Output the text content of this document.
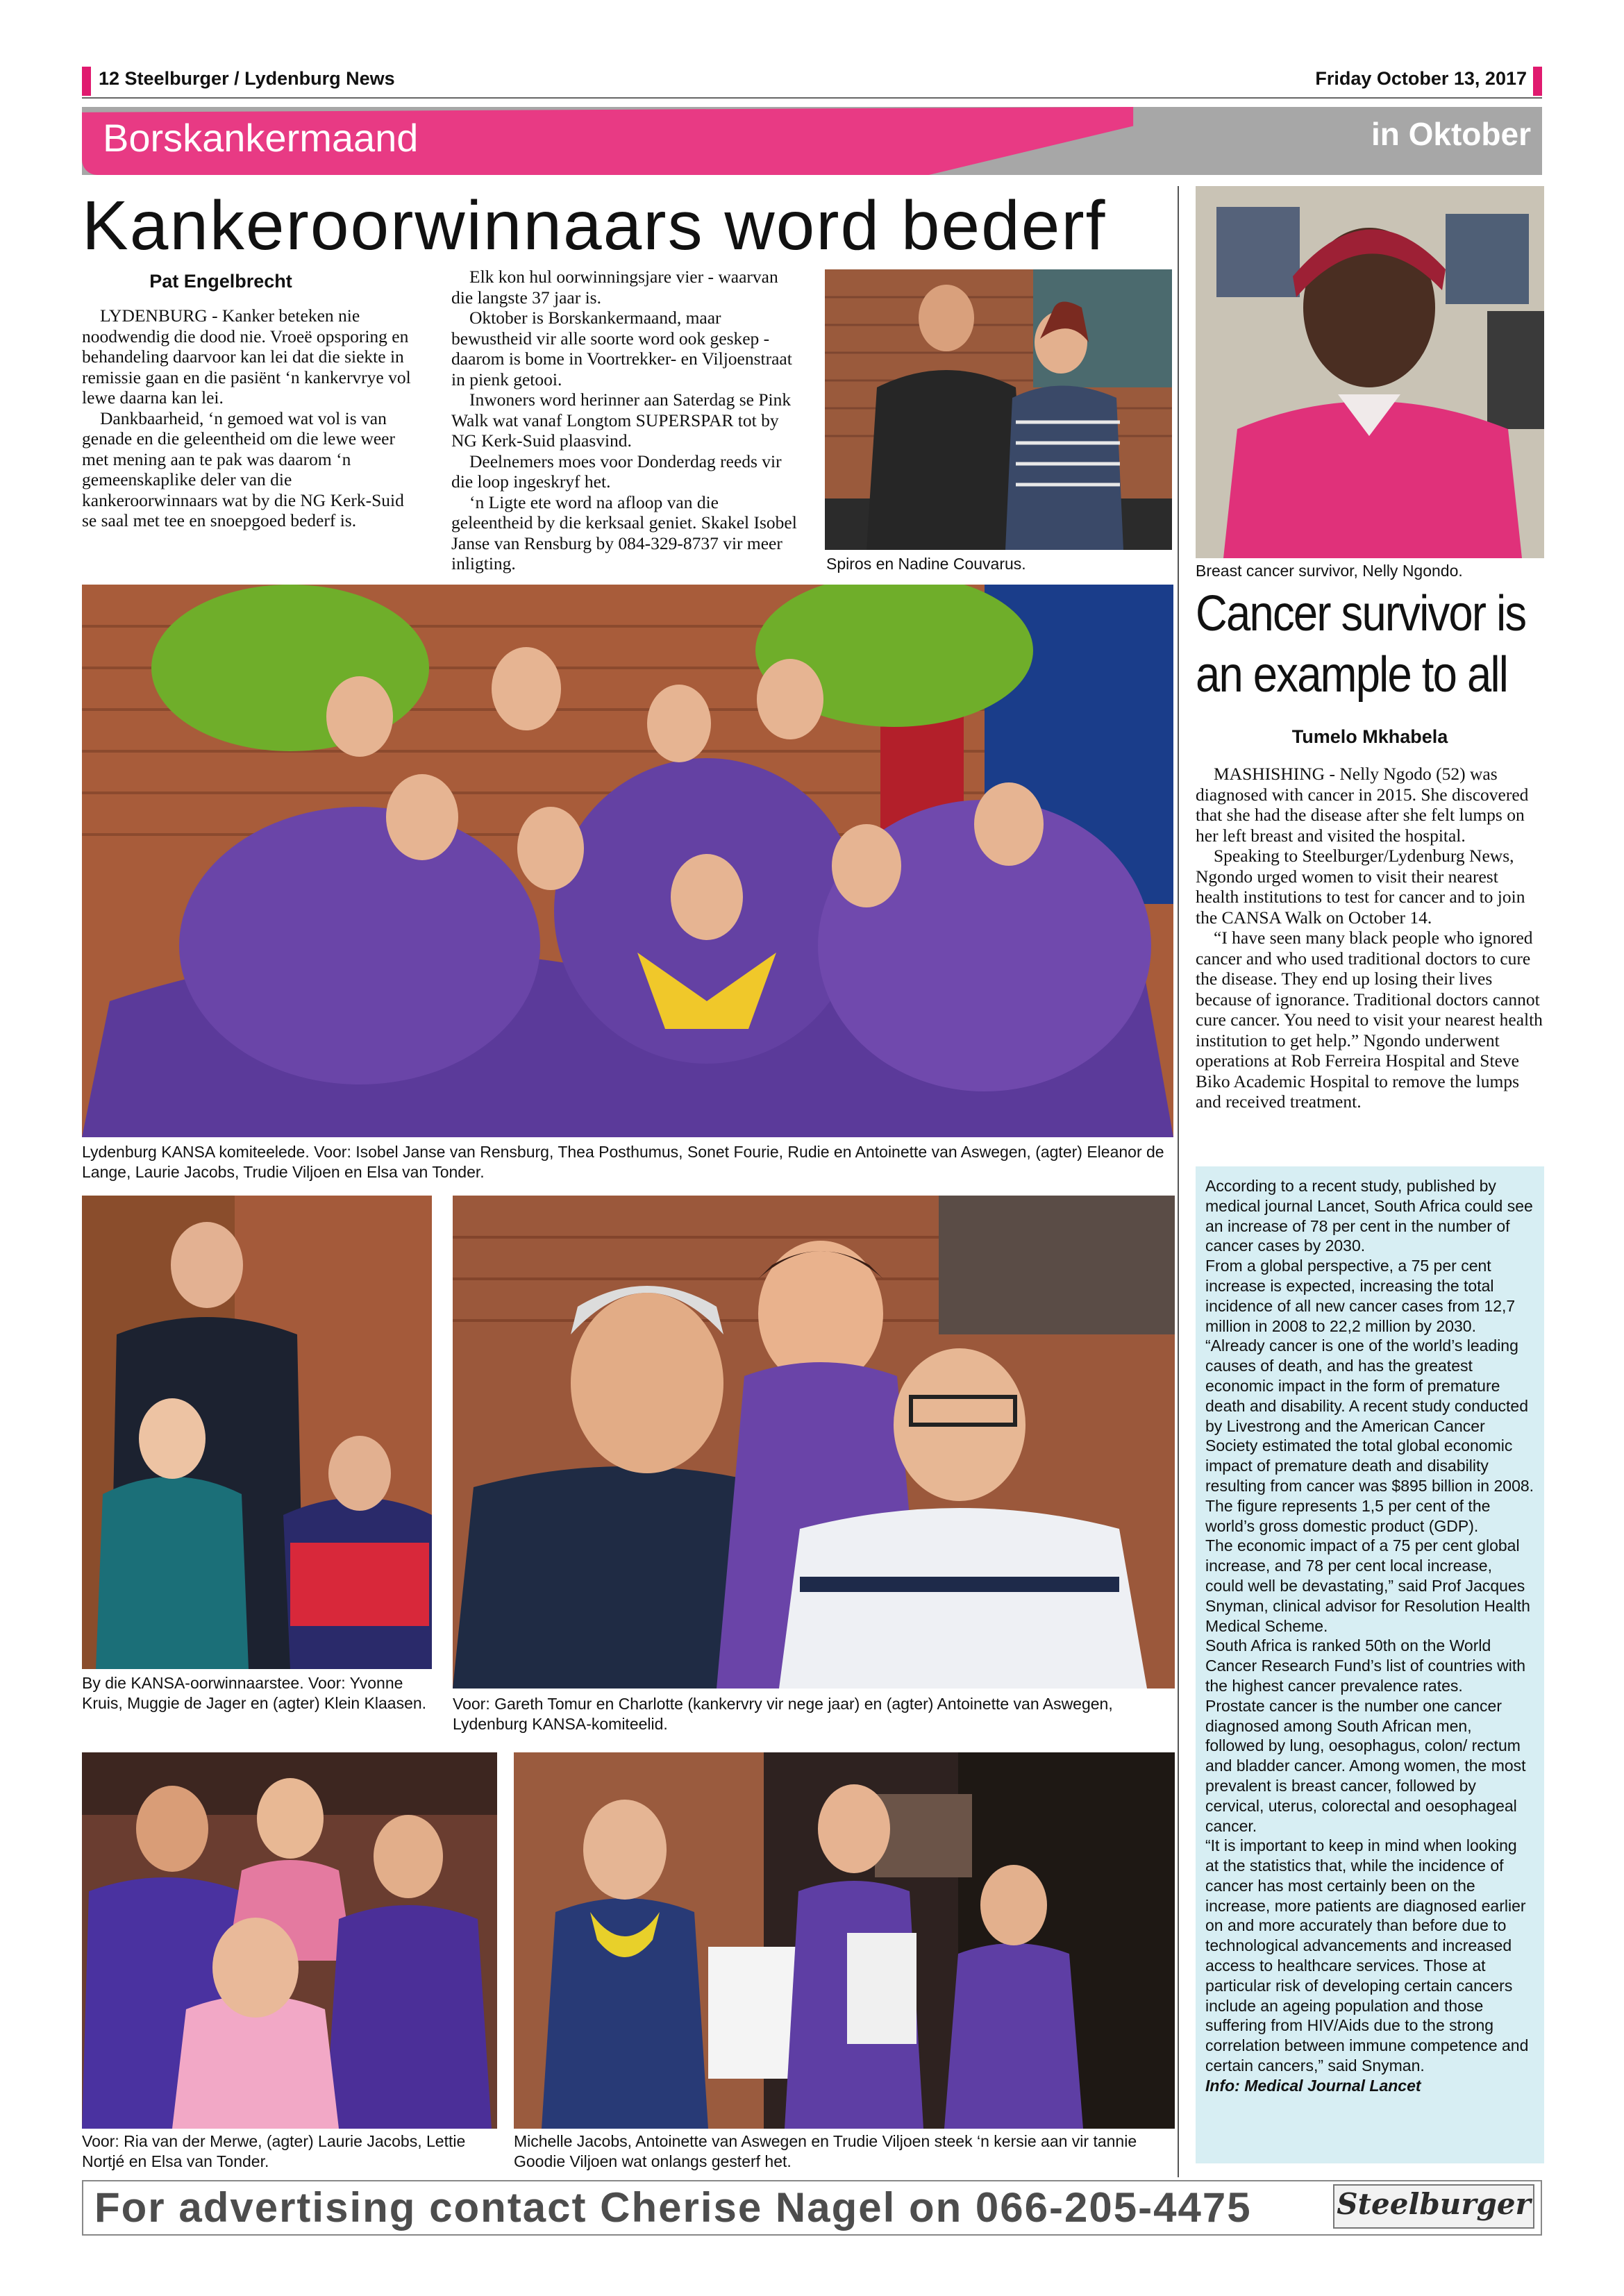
12 Steelburger / Lydenburg News	Friday October 13, 2017
Borskankermaand	in Oktober
Kankeroorwinnaars word bederf
Pat Engelbrecht

LYDENBURG - Kanker beteken nie noodwendig die dood nie. Vroeë opsporing en behandeling daarvoor kan lei dat die siekte in remissie gaan en die pasiënt ‘n kankervrye vol lewe daarna kan lei.

Dankbaarheid, ‘n gemoed wat vol is van genade en die geleentheid om die lewe weer met mening aan te pak was daarom ‘n gemeenskaplike deler van die kankeroorwinnaars wat by die NG Kerk-Suid se saal met tee en snoepgoed bederf is.

Elk kon hul oorwinningsjare vier - waarvan die langste 37 jaar is.

Oktober is Borskankermaand, maar bewustheid vir alle soorte word ook geskep - daarom is bome in Voortrekker- en Viljoenstraat in pienk getooi.

Inwoners word herinner aan Saterdag se Pink Walk wat vanaf Longtom SUPERSPAR tot by NG Kerk-Suid plaasvind.

Deelnemers moes voor Donderdag reeds vir die loop ingeskryf het.

‘n Ligte ete word na afloop van die geleentheid by die kerksaal geniet. Skakel Isobel Janse van Rensburg by 084-329-8737 vir meer inligting.	Spiros en Nadine Couvarus.	Breast cancer survivor, Nelly Ngondo.
Cancer survivor is
an example to all
Tumelo Mkhabela

MASHISHING - Nelly Ngodo (52) was diagnosed with cancer in 2015. She discovered that she had the disease after she felt lumps on her left breast and visited the hospital.

Speaking to Steelburger/Lydenburg News, Ngondo urged women to visit their nearest health institutions to test for cancer and to join the CANSA Walk on October 14.

“I have seen many black people who ignored cancer and who used traditional doctors to cure the disease. They end up losing their lives because of ignorance. Traditional doctors cannot cure cancer. You need to visit your nearest health institution to get help.” Ngondo underwent operations at Rob Ferreira Hospital and Steve Biko Academic Hospital to remove the lumps and received treatment.

According to a recent study, published by medical journal Lancet, South Africa could see an increase of 78 per cent in the number of cancer cases by 2030.

From a global perspective, a 75 per cent increase is expected, increasing the total incidence of all new cancer cases from 12,7 million in 2008 to 22,2 million by 2030.

“Already cancer is one of the world’s leading causes of death, and has the greatest economic impact in the form of premature death and disability. A recent study conducted by Livestrong and the American Cancer Society estimated the total global economic impact of premature death and disability resulting from cancer was $895 billion in 2008.

The figure represents 1,5 per cent of the world’s gross domestic product (GDP).

The economic impact of a 75 per cent global increase, and 78 per cent local increase, could well be devastating,” said Prof Jacques Snyman, clinical advisor for Resolution Health Medical Scheme.

South Africa is ranked 50th on the World Cancer Research Fund’s list of countries with the highest cancer prevalence rates.

Prostate cancer is the number one cancer diagnosed among South African men, followed by lung, oesophagus, colon/ rectum and bladder cancer. Among women, the most prevalent is breast cancer, followed by cervical, uterus, colorectal and oesophageal cancer.

“It is important to keep in mind when looking at the statistics that, while the incidence of cancer has most certainly been on the increase, more patients are diagnosed earlier on and more accurately than before due to technological advancements and increased access to healthcare services. Those at particular risk of developing certain cancers include an ageing population and those suffering from HIV/Aids due to the strong correlation between immune competence and certain cancers,” said Snyman.

Info: Medical Journal Lancet

Lydenburg KANSA komiteelede. Voor: Isobel Janse van Rensburg, Thea Posthumus, Sonet Fourie, Rudie en Antoinette van Aswegen, (agter) Eleanor de Lange, Laurie Jacobs, Trudie Viljoen en Elsa van Tonder.
By die KANSA-oorwinnaarstee. Voor: Yvonne Kruis, Muggie de Jager en (agter) Klein Klaasen. Voor: Gareth Tomur en Charlotte (kankervry vir nege jaar) en (agter) Antoinette van Aswegen, Lydenburg KANSA-komiteelid.
Voor: Ria van der Merwe, (agter) Laurie Jacobs, Lettie Nortjé en Elsa van Tonder.
Michelle Jacobs, Antoinette van Aswegen en Trudie Viljoen steek ‘n kersie aan vir tannie Goodie Viljoen wat onlangs gesterf het.
For advertising contact Cherise Nagel on 066-205-4475	Steelburger
